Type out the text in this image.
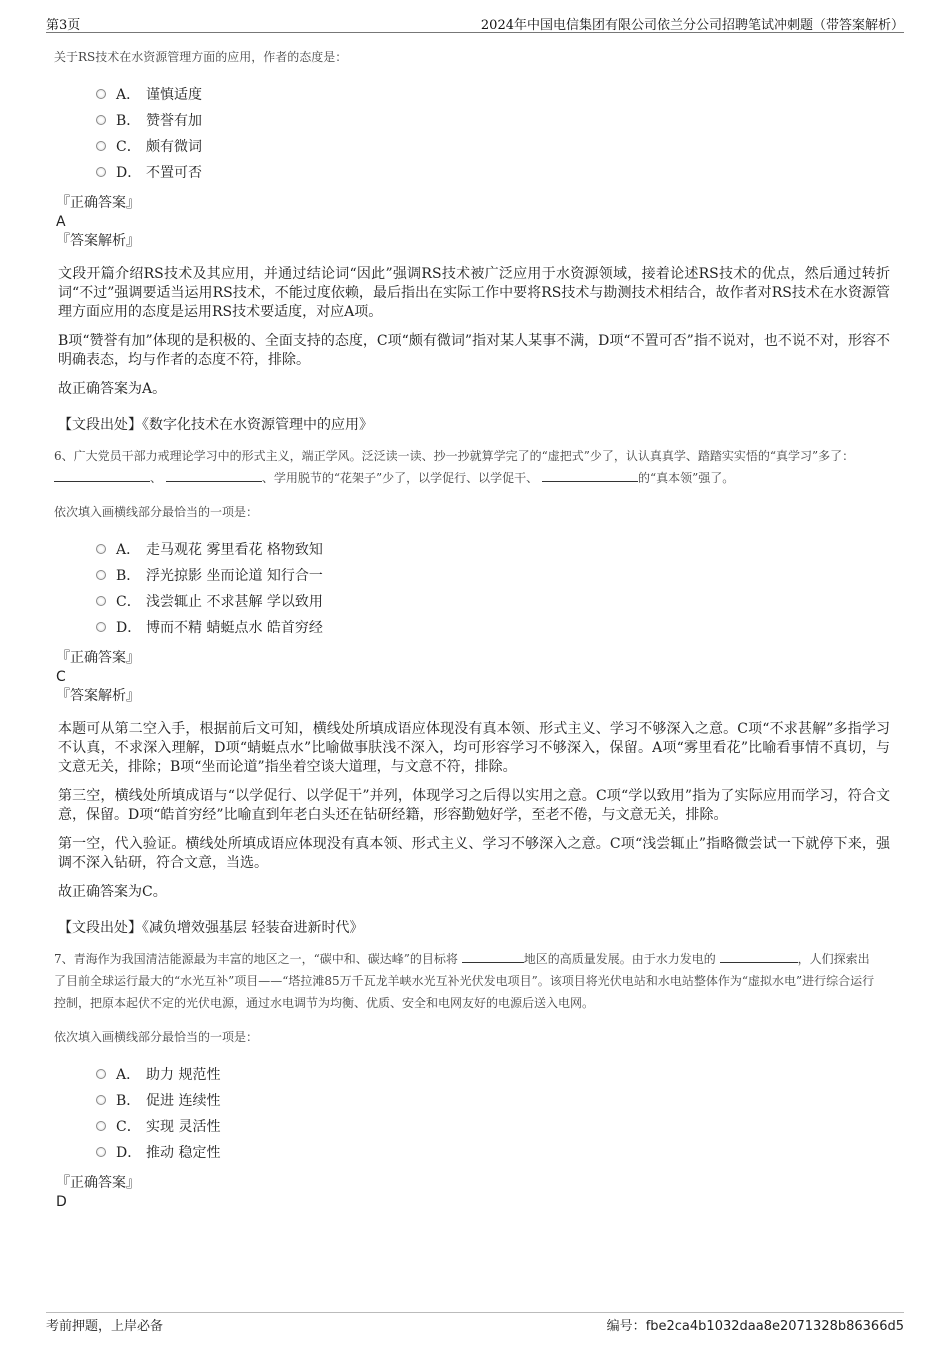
第3页	2024年中国电信集团有限公司依兰分公司招聘笔试冲刺题（带答案解析）
关于RS技术在水资源管理方面的应用，作者的态度是：
A． 谨慎适度
B． 赞誉有加
C． 颇有微词
D． 不置可否
『正确答案』
A
『答案解析』
文段开篇介绍RS技术及其应用，并通过结论词“因此”强调RS技术被广泛应用于水资源领域，接着论述RS技术的优点，然后通过转折词“不过”强调要适当运用RS技术，不能过度依赖，最后指出在实际工作中要将RS技术与勘测技术相结合，故作者对RS技术在水资源管理方面应用的态度是运用RS技术要适度，对应A项。
B项“赞誉有加”体现的是积极的、全面支持的态度，C项“颇有微词”指对某人某事不满，D项“不置可否”指不说对，也不说不对，形容不明确表态，均与作者的态度不符，排除。
故正确答案为A。
【文段出处】《数字化技术在水资源管理中的应用》
6、广大党员干部力戒理论学习中的形式主义，端正学风。泛泛读一读、抄一抄就算学完了的“虚把式”少了，认认真真学、踏踏实实悟的“真学习”多了： 、	、学用脱节的“花架子”少了，以学促行、以学促干、	的“真本领”强了。
依次填入画横线部分最恰当的一项是：
A． 走马观花 雾里看花 格物致知
B． 浮光掠影 坐而论道 知行合一
C． 浅尝辄止 不求甚解 学以致用
D． 博而不精 蜻蜓点水 皓首穷经
『正确答案』
C
『答案解析』
本题可从第二空入手，根据前后文可知，横线处所填成语应体现没有真本领、形式主义、学习不够深入之意。C项“不求甚解”多指学习不认真，不求深入理解，D项“蜻蜓点水”比喻做事肤浅不深入，均可形容学习不够深入，保留。A项“雾里看花”比喻看事情不真切，与文意无关，排除；B项“坐而论道”指坐着空谈大道理，与文意不符，排除。
第三空，横线处所填成语与“以学促行、以学促干”并列，体现学习之后得以实用之意。C项“学以致用”指为了实际应用而学习，符合文意，保留。D项“皓首穷经”比喻直到年老白头还在钻研经籍，形容勤勉好学，至老不倦，与文意无关，排除。
第一空，代入验证。横线处所填成语应体现没有真本领、形式主义、学习不够深入之意。C项“浅尝辄止”指略微尝试一下就停下来，强调不深入钻研，符合文意，当选。
故正确答案为C。
【文段出处】《减负增效强基层 轻装奋进新时代》
7、青海作为我国清洁能源最为丰富的地区之一，“碳中和、碳达峰”的目标将	地区的高质量发展。由于水力发电的	，人们探索出了目前全球运行最大的“水光互补”项目——“塔拉滩85万千瓦龙羊峡水光互补光伏发电项目”。该项目将光伏电站和水电站整体作为“虚拟水电”进行综合运行控制，把原本起伏不定的光伏电源，通过水电调节为均衡、优质、安全和电网友好的电源后送入电网。
依次填入画横线部分最恰当的一项是：
A． 助力 规范性
B． 促进 连续性
C． 实现 灵活性
D． 推动 稳定性
『正确答案』
D
考前押题，上岸必备	编号：fbe2ca4b1032daa8e2071328b86366d5
